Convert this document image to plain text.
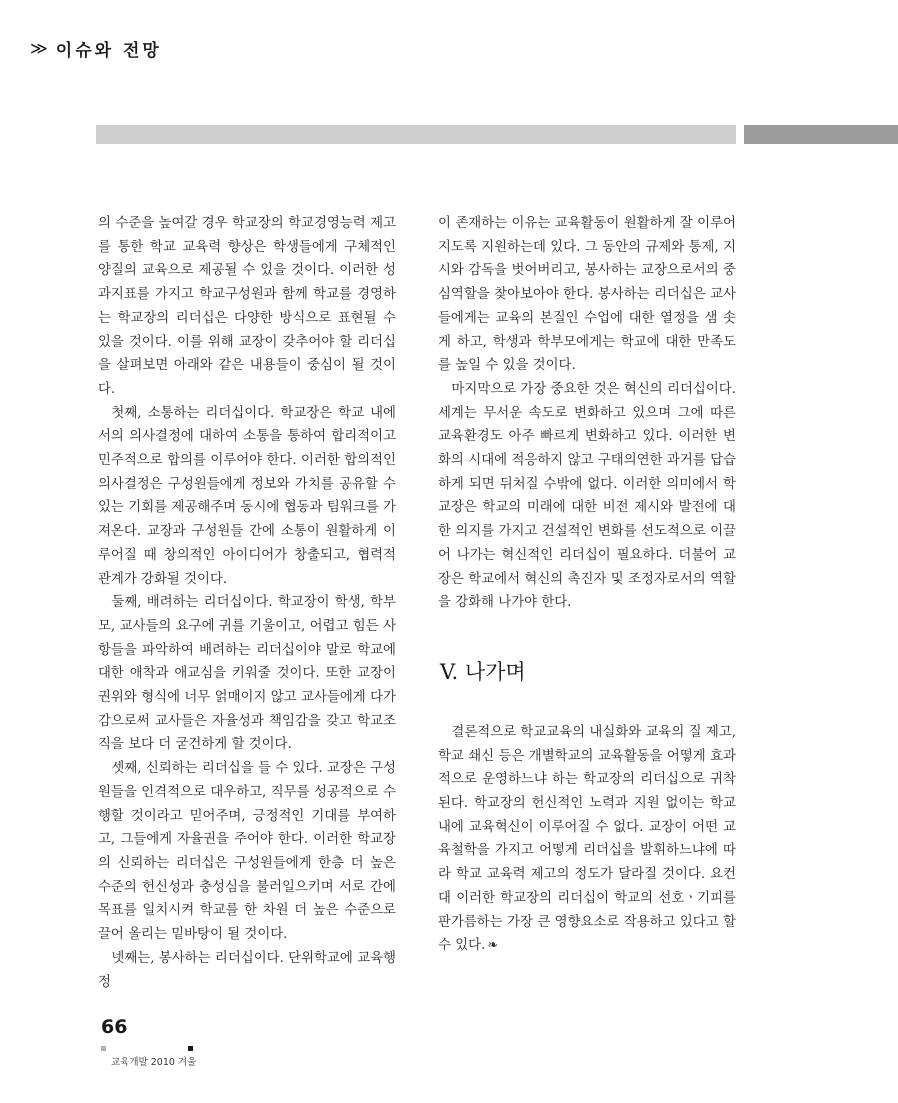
≫ 이슈와 전망

의 수준을 높여갈 경우 학교장의 학교경영능력 제고를 통한 학교 교육력 향상은 학생들에게 구체적인 양질의 교육으로 제공될 수 있을 것이다. 이러한 성과지표를 가지고 학교구성원과 함께 학교를 경영하는 학교장의 리더십은 다양한 방식으로 표현될 수 있을 것이다. 이를 위해 교장이 갖추어야 할 리더십을 살펴보면 아래와 같은 내용들이 중심이 될 것이다.

첫째, 소통하는 리더십이다. 학교장은 학교 내에서의 의사결정에 대하여 소통을 통하여 합리적이고 민주적으로 합의를 이루어야 한다. 이러한 합의적인 의사결정은 구성원들에게 정보와 가치를 공유할 수 있는 기회를 제공해주며 동시에 협동과 팀워크를 가져온다. 교장과 구성원들 간에 소통이 원활하게 이루어질 때 창의적인 아이디어가 창출되고, 협력적 관계가 강화될 것이다.

둘째, 배려하는 리더십이다. 학교장이 학생, 학부모, 교사들의 요구에 귀를 기울이고, 어렵고 힘든 사항들을 파악하여 배려하는 리더십이야 말로 학교에 대한 애착과 애교심을 키워줄 것이다. 또한 교장이 권위와 형식에 너무 얽매이지 않고 교사들에게 다가감으로써 교사들은 자율성과 책임감을 갖고 학교조직을 보다 더 굳건하게 할 것이다.

셋째, 신뢰하는 리더십을 들 수 있다. 교장은 구성원들을 인격적으로 대우하고, 직무를 성공적으로 수행할 것이라고 믿어주며, 긍정적인 기대를 부여하고, 그들에게 자율권을 주어야 한다. 이러한 학교장의 신뢰하는 리더십은 구성원들에게 한층 더 높은 수준의 헌신성과 충성심을 불러일으키며 서로 간에 목표를 일치시켜 학교를 한 차원 더 높은 수준으로 끌어 올리는 밑바탕이 될 것이다.

넷째는, 봉사하는 리더십이다. 단위학교에 교육행정

이 존재하는 이유는 교육활동이 원활하게 잘 이루어지도록 지원하는데 있다. 그 동안의 규제와 통제, 지시와 감독을 벗어버리고, 봉사하는 교장으로서의 중심역할을 찾아보아야 한다. 봉사하는 리더십은 교사들에게는 교육의 본질인 수업에 대한 열정을 샘 솟게 하고, 학생과 학부모에게는 학교에 대한 만족도를 높일 수 있을 것이다.

마지막으로 가장 중요한 것은 혁신의 리더십이다. 세계는 무서운 속도로 변화하고 있으며 그에 따른 교육환경도 아주 빠르게 변화하고 있다. 이러한 변화의 시대에 적응하지 않고 구태의연한 과거를 답습하게 되면 뒤처질 수밖에 없다. 이러한 의미에서 학교장은 학교의 미래에 대한 비전 제시와 발전에 대한 의지를 가지고 건설적인 변화를 선도적으로 이끌어 나가는 혁신적인 리더십이 필요하다. 더불어 교장은 학교에서 혁신의 촉진자 및 조정자로서의 역할을 강화해 나가야 한다.

V. 나가며

결론적으로 학교교육의 내실화와 교육의 질 제고, 학교 쇄신 등은 개별학교의 교육활동을 어떻게 효과적으로 운영하느냐 하는 학교장의 리더십으로 귀착된다. 학교장의 헌신적인 노력과 지원 없이는 학교 내에 교육혁신이 이루어질 수 없다. 교장이 어떤 교육철학을 가지고 어떻게 리더십을 발휘하느냐에 따라 학교 교육력 제고의 정도가 달라질 것이다. 요컨대 이러한 학교장의 리더십이 학교의 선호ㆍ기피를 판가름하는 가장 큰 영향요소로 작용하고 있다고 할 수 있다. ❧

66
교육개발 2010 겨울
